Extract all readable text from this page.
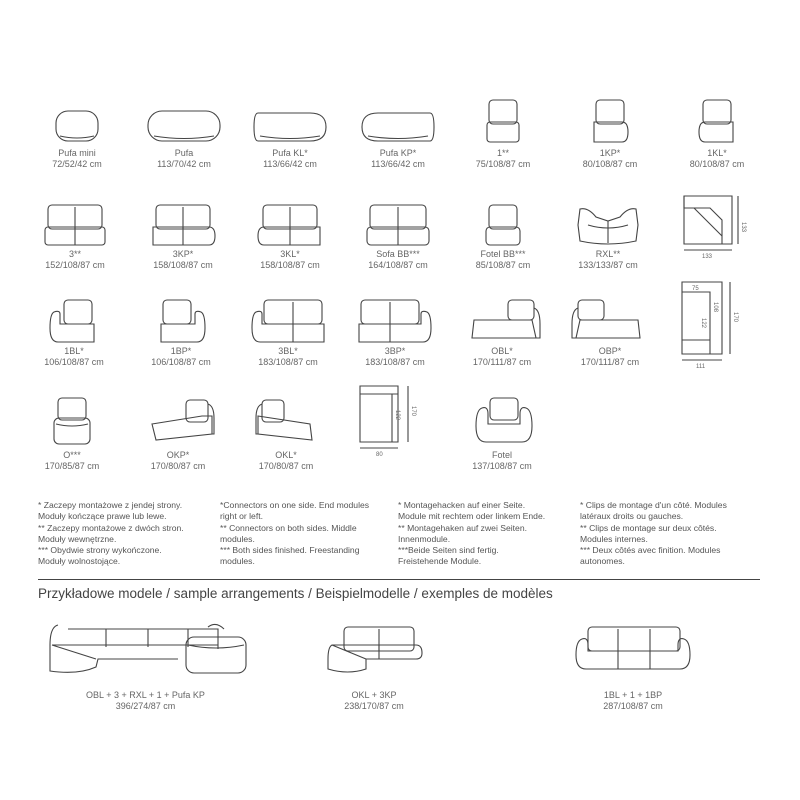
Pufa mini
72/52/42 cm
Pufa
113/70/42 cm
Pufa KL*
113/66/42 cm
Pufa KP*
113/66/42 cm
1**
75/108/87 cm
1KP*
80/108/87 cm
1KL*
80/108/87 cm
3**
152/108/87 cm
3KP*
158/108/87 cm
3KL*
158/108/87 cm
Sofa BB***
164/108/87 cm
Fotel BB***
85/108/87 cm
RXL**
133/133/87 cm
133
133
1BL*
106/108/87 cm
1BP*
106/108/87 cm
3BL*
183/108/87 cm
3BP*
183/108/87 cm
OBL*
170/111/87 cm
OBP*
170/111/87 cm
75
108
170
122
111
O***
170/85/87 cm
OKP*
170/80/87 cm
OKL*
170/80/87 cm
122 170
80	Fotel
137/108/87 cm
* Zaczepy montażowe z jendej strony.
Moduły kończące prawe lub lewe.
** Zaczepy montażowe z dwóch stron.
Moduły wewnętrzne.
*** Obydwie strony wykończone.
Moduły wolnostojące.
*Connectors on one side. End modules
right or left.
** Connectors on both sides. Middle
modules.
*** Both sides finished. Freestanding
modules.
* Montagehacken auf einer Seite.
Module mit rechtem oder linkem Ende.
** Montagehaken auf zwei Seiten.
Innenmodule.
***Beide Seiten sind fertig.
Freistehende Module.
* Clips de montage d'un côté. Modules
latéraux droits ou gauches.
** Clips de montage sur deux côtés.
Modules internes.
*** Deux côtés avec finition. Modules
autonomes.
Przykładowe modele / sample arrangements / Beispielmodelle / exemples de modèles
OBL + 3 + RXL + 1 + Pufa KP
396/274/87 cm
OKL + 3KP
238/170/87 cm
1BL + 1 + 1BP
287/108/87 cm
